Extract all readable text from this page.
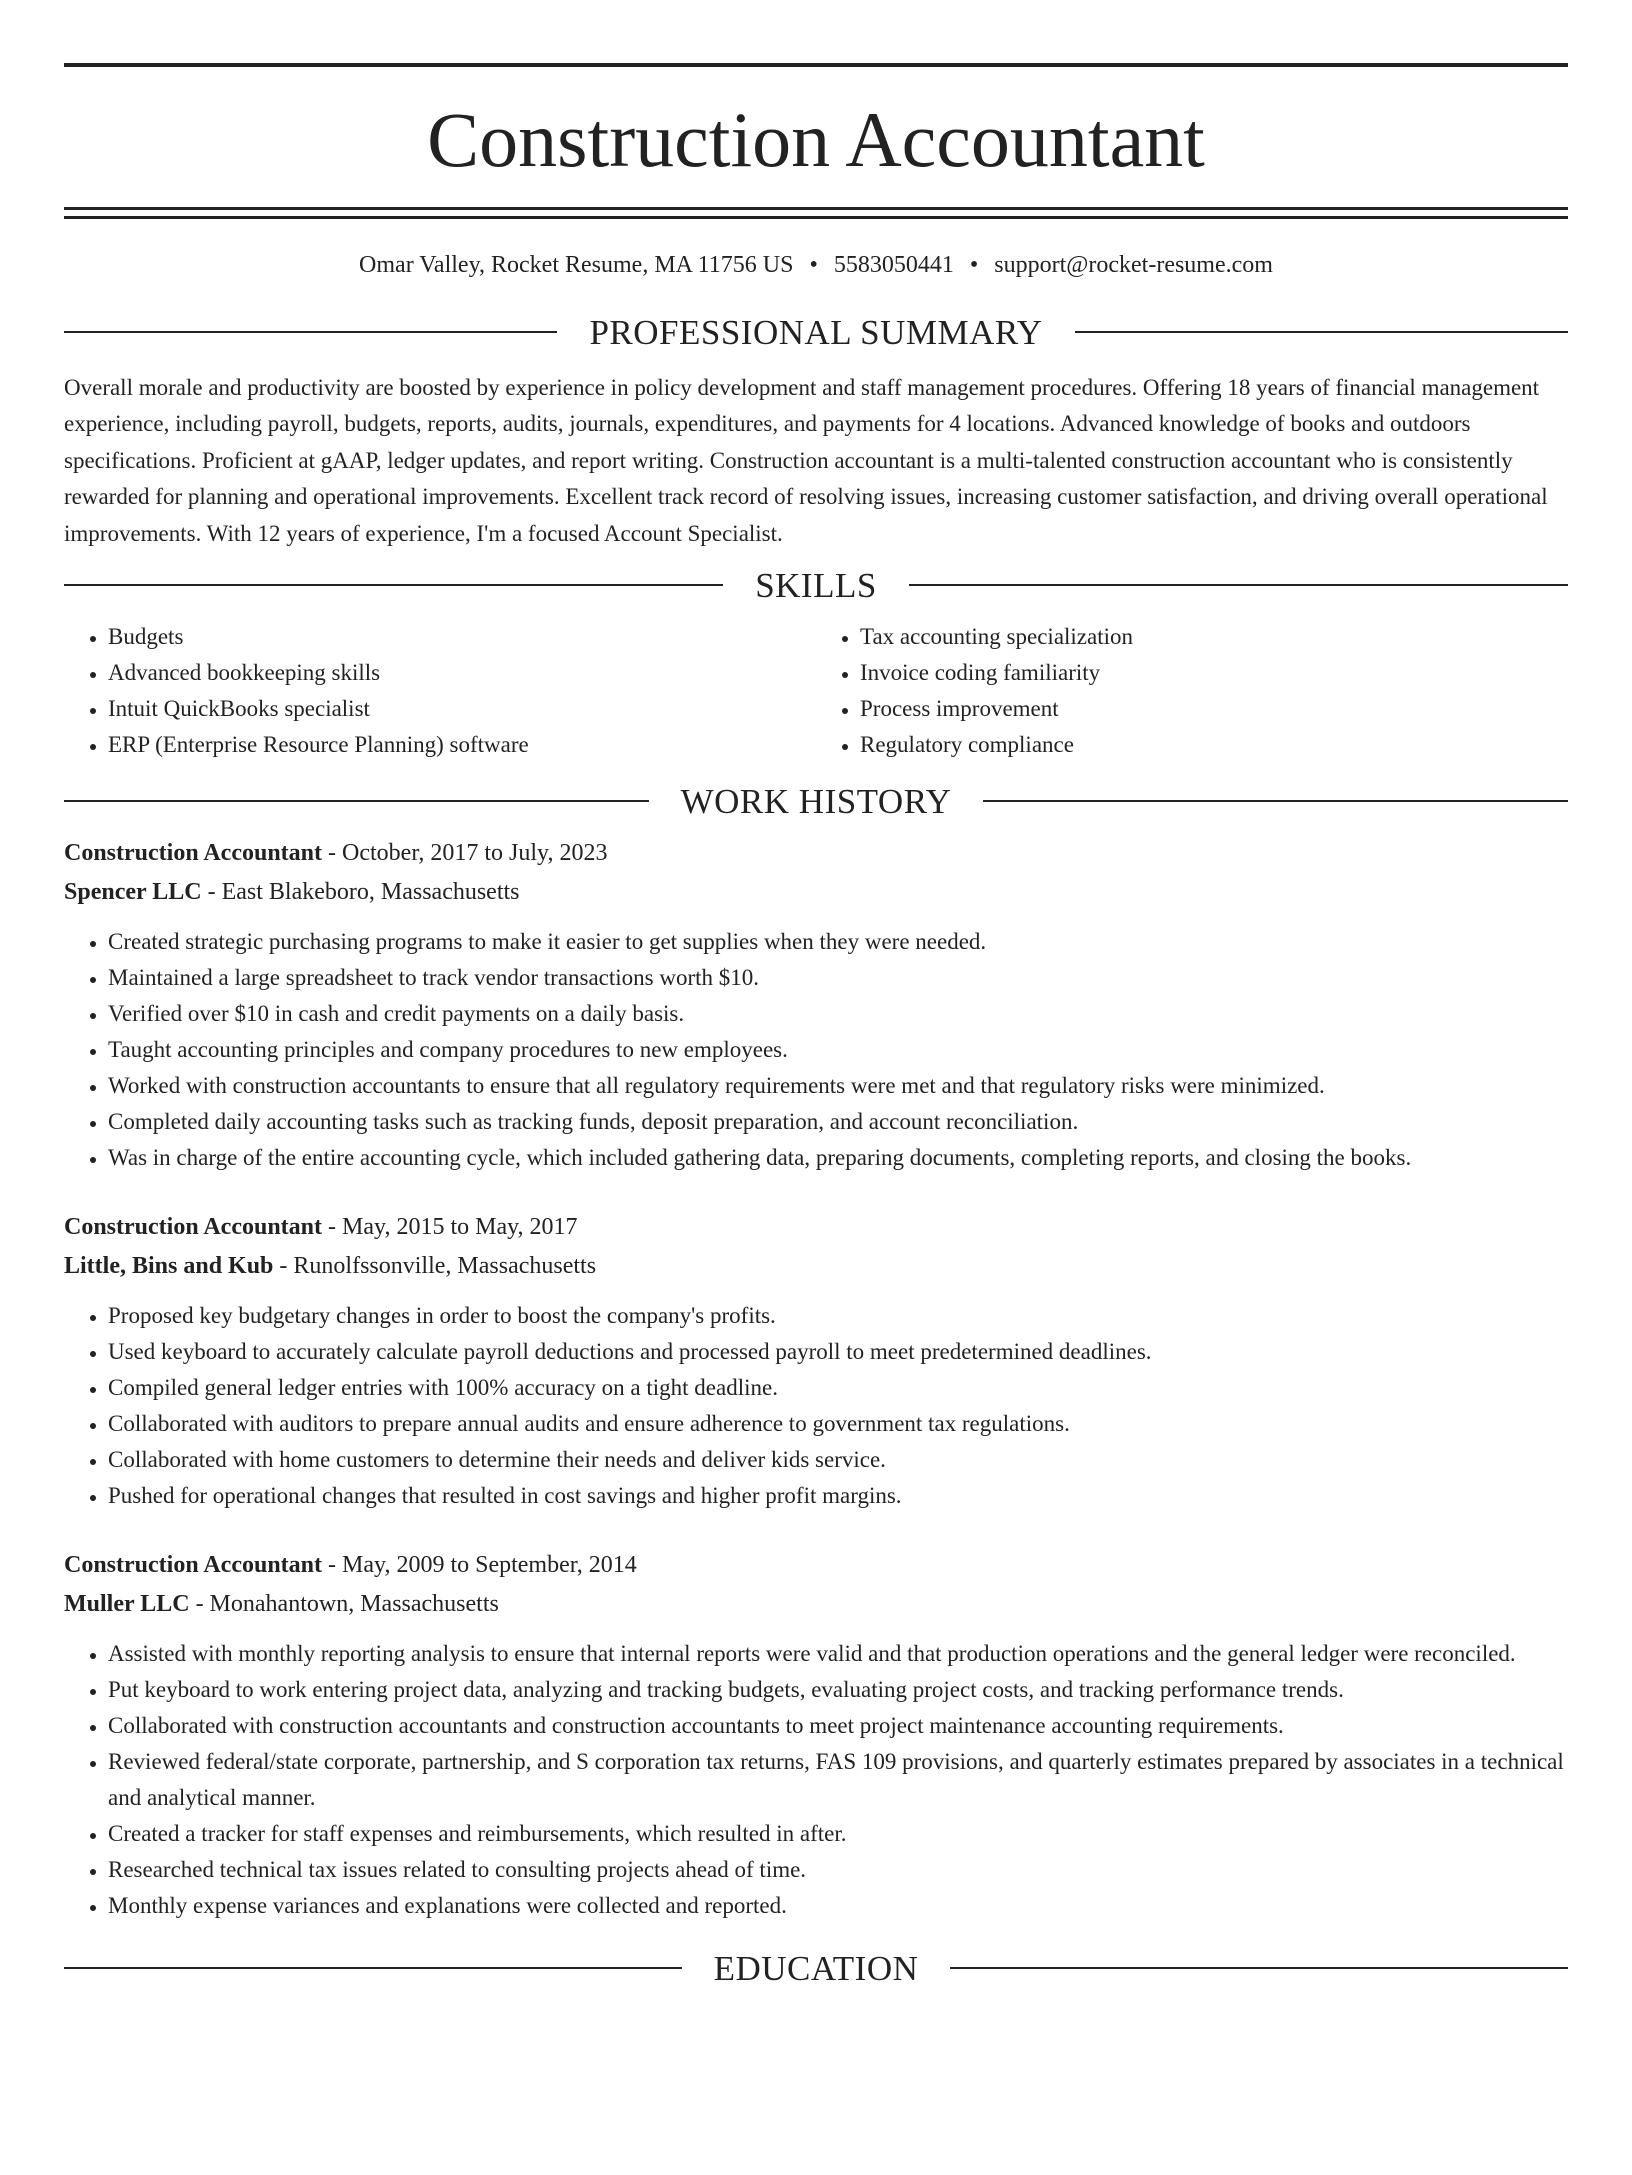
Construction Accountant
Omar Valley, Rocket Resume, MA 11756 US • 5583050441 • support@rocket-resume.com
PROFESSIONAL SUMMARY

Overall morale and productivity are boosted by experience in policy development and staff management procedures. Offering 18 years of financial management experience, including payroll, budgets, reports, audits, journals, expenditures, and payments for 4 locations. Advanced knowledge of books and outdoors specifications. Proficient at gAAP, ledger updates, and report writing. Construction accountant is a multi-talented construction accountant who is consistently rewarded for planning and operational improvements. Excellent track record of resolving issues, increasing customer satisfaction, and driving overall operational improvements. With 12 years of experience, I'm a focused Account Specialist.

SKILLS
• Budgets
• Advanced bookkeeping skills
• Intuit QuickBooks specialist
• ERP (Enterprise Resource Planning) software
• Tax accounting specialization
• Invoice coding familiarity
• Process improvement
• Regulatory compliance
WORK HISTORY

Construction Accountant - October, 2017 to July, 2023

Spencer LLC - East Blakeboro, Massachusetts

• Created strategic purchasing programs to make it easier to get supplies when they were needed.
• Maintained a large spreadsheet to track vendor transactions worth $10.
• Verified over $10 in cash and credit payments on a daily basis.
• Taught accounting principles and company procedures to new employees.
• Worked with construction accountants to ensure that all regulatory requirements were met and that regulatory risks were minimized.
• Completed daily accounting tasks such as tracking funds, deposit preparation, and account reconciliation.
• Was in charge of the entire accounting cycle, which included gathering data, preparing documents, completing reports, and closing the books.

Construction Accountant - May, 2015 to May, 2017

Little, Bins and Kub - Runolfssonville, Massachusetts

• Proposed key budgetary changes in order to boost the company's profits.
• Used keyboard to accurately calculate payroll deductions and processed payroll to meet predetermined deadlines.
• Compiled general ledger entries with 100% accuracy on a tight deadline.
• Collaborated with auditors to prepare annual audits and ensure adherence to government tax regulations.
• Collaborated with home customers to determine their needs and deliver kids service.
• Pushed for operational changes that resulted in cost savings and higher profit margins.

Construction Accountant - May, 2009 to September, 2014

Muller LLC - Monahantown, Massachusetts

• Assisted with monthly reporting analysis to ensure that internal reports were valid and that production operations and the general ledger were reconciled.
• Put keyboard to work entering project data, analyzing and tracking budgets, evaluating project costs, and tracking performance trends.
• Collaborated with construction accountants and construction accountants to meet project maintenance accounting requirements.
• Reviewed federal/state corporate, partnership, and S corporation tax returns, FAS 109 provisions, and quarterly estimates prepared by associates in a technical and analytical manner.
• Created a tracker for staff expenses and reimbursements, which resulted in after.
• Researched technical tax issues related to consulting projects ahead of time.
• Monthly expense variances and explanations were collected and reported.
EDUCATION
